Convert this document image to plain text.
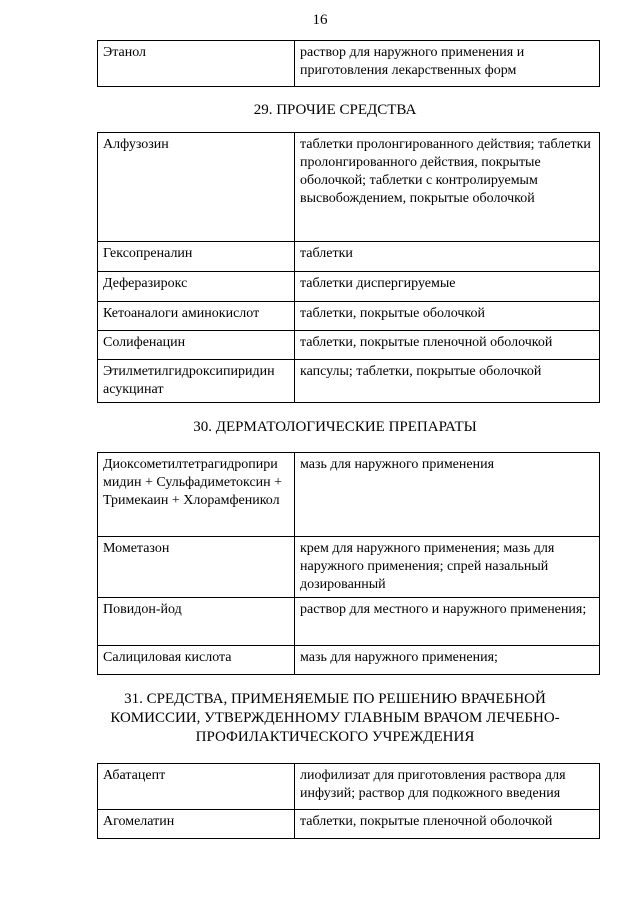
16
Этанол	раствор для наружного применения и приготовления лекарственных форм
29. ПРОЧИЕ СРЕДСТВА
Алфузозин	таблетки пролонгированного действия; таблетки пролонгированного действия, покрытые оболочкой; таблетки с контролируемым высвобождением, покрытые оболочкой
Гексопреналин	таблетки
Деферазирокс	таблетки диспергируемые
Кетоаналоги аминокислот	таблетки, покрытые оболочкой
Солифенацин	таблетки, покрытые пленочной оболочкой
Этилметилгидроксипиридин асукцинат	капсулы; таблетки, покрытые оболочкой
30. ДЕРМАТОЛОГИЧЕСКИЕ ПРЕПАРАТЫ
Диоксометилтетрагидропири мидин + Сульфадиметоксин + Тримекаин + Хлорамфеникол	мазь для наружного применения
Мометазон	крем для наружного применения; мазь для наружного применения; спрей назальный дозированный
Повидон-йод	раствор для местного и наружного применения;
Салициловая кислота	мазь для наружного применения;
31. СРЕДСТВА, ПРИМЕНЯЕМЫЕ ПО РЕШЕНИЮ ВРАЧЕБНОЙ КОМИССИИ, УТВЕРЖДЕННОМУ ГЛАВНЫМ ВРАЧОМ ЛЕЧЕБНО-ПРОФИЛАКТИЧЕСКОГО УЧРЕЖДЕНИЯ
Абатацепт	лиофилизат для приготовления раствора для инфузий; раствор для подкожного введения
Агомелатин	таблетки, покрытые пленочной оболочкой
